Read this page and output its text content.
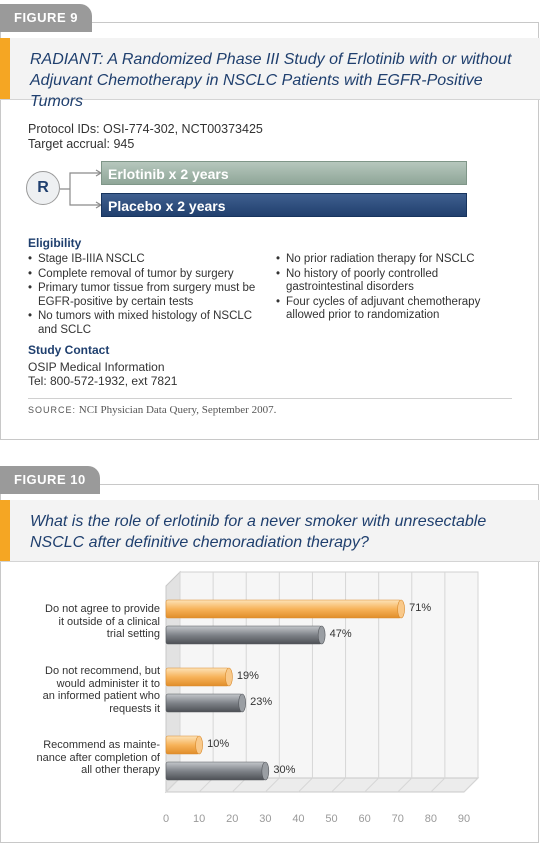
FIGURE 9
RADIANT: A Randomized Phase III Study of Erlotinib with or without Adjuvant Chemotherapy in NSCLC Patients with EGFR-Positive Tumors
Protocol IDs: OSI-774-302, NCT00373425
Target accrual: 945
R
Erlotinib x 2 years
Placebo x 2 years
Eligibility
• Stage IB-IIIA NSCLC
• Complete removal of tumor by surgery
• Primary tumor tissue from surgery must be EGFR-positive by certain tests
• No tumors with mixed histology of NSCLC and SCLC
• No prior radiation therapy for NSCLC
• No history of poorly controlled gastrointestinal disorders
• Four cycles of adjuvant chemotherapy allowed prior to randomization
Study Contact
OSIP Medical Information
Tel: 800-572-1932, ext 7821
SOURCE: NCI Physician Data Query, September 2007.
FIGURE 10
What is the role of erlotinib for a never smoker with unresectable NSCLC after definitive chemoradiation therapy?
0 10 20 30 40 50 60 70 80 90
71%
47%
Do not agree to provide
it outside of a clinical
trial setting
19%
23%
Do not recommend, but
would administer it to
an informed patient who
requests it
10%
30%
Recommend as mainte-
nance after completion of
all other therapy
